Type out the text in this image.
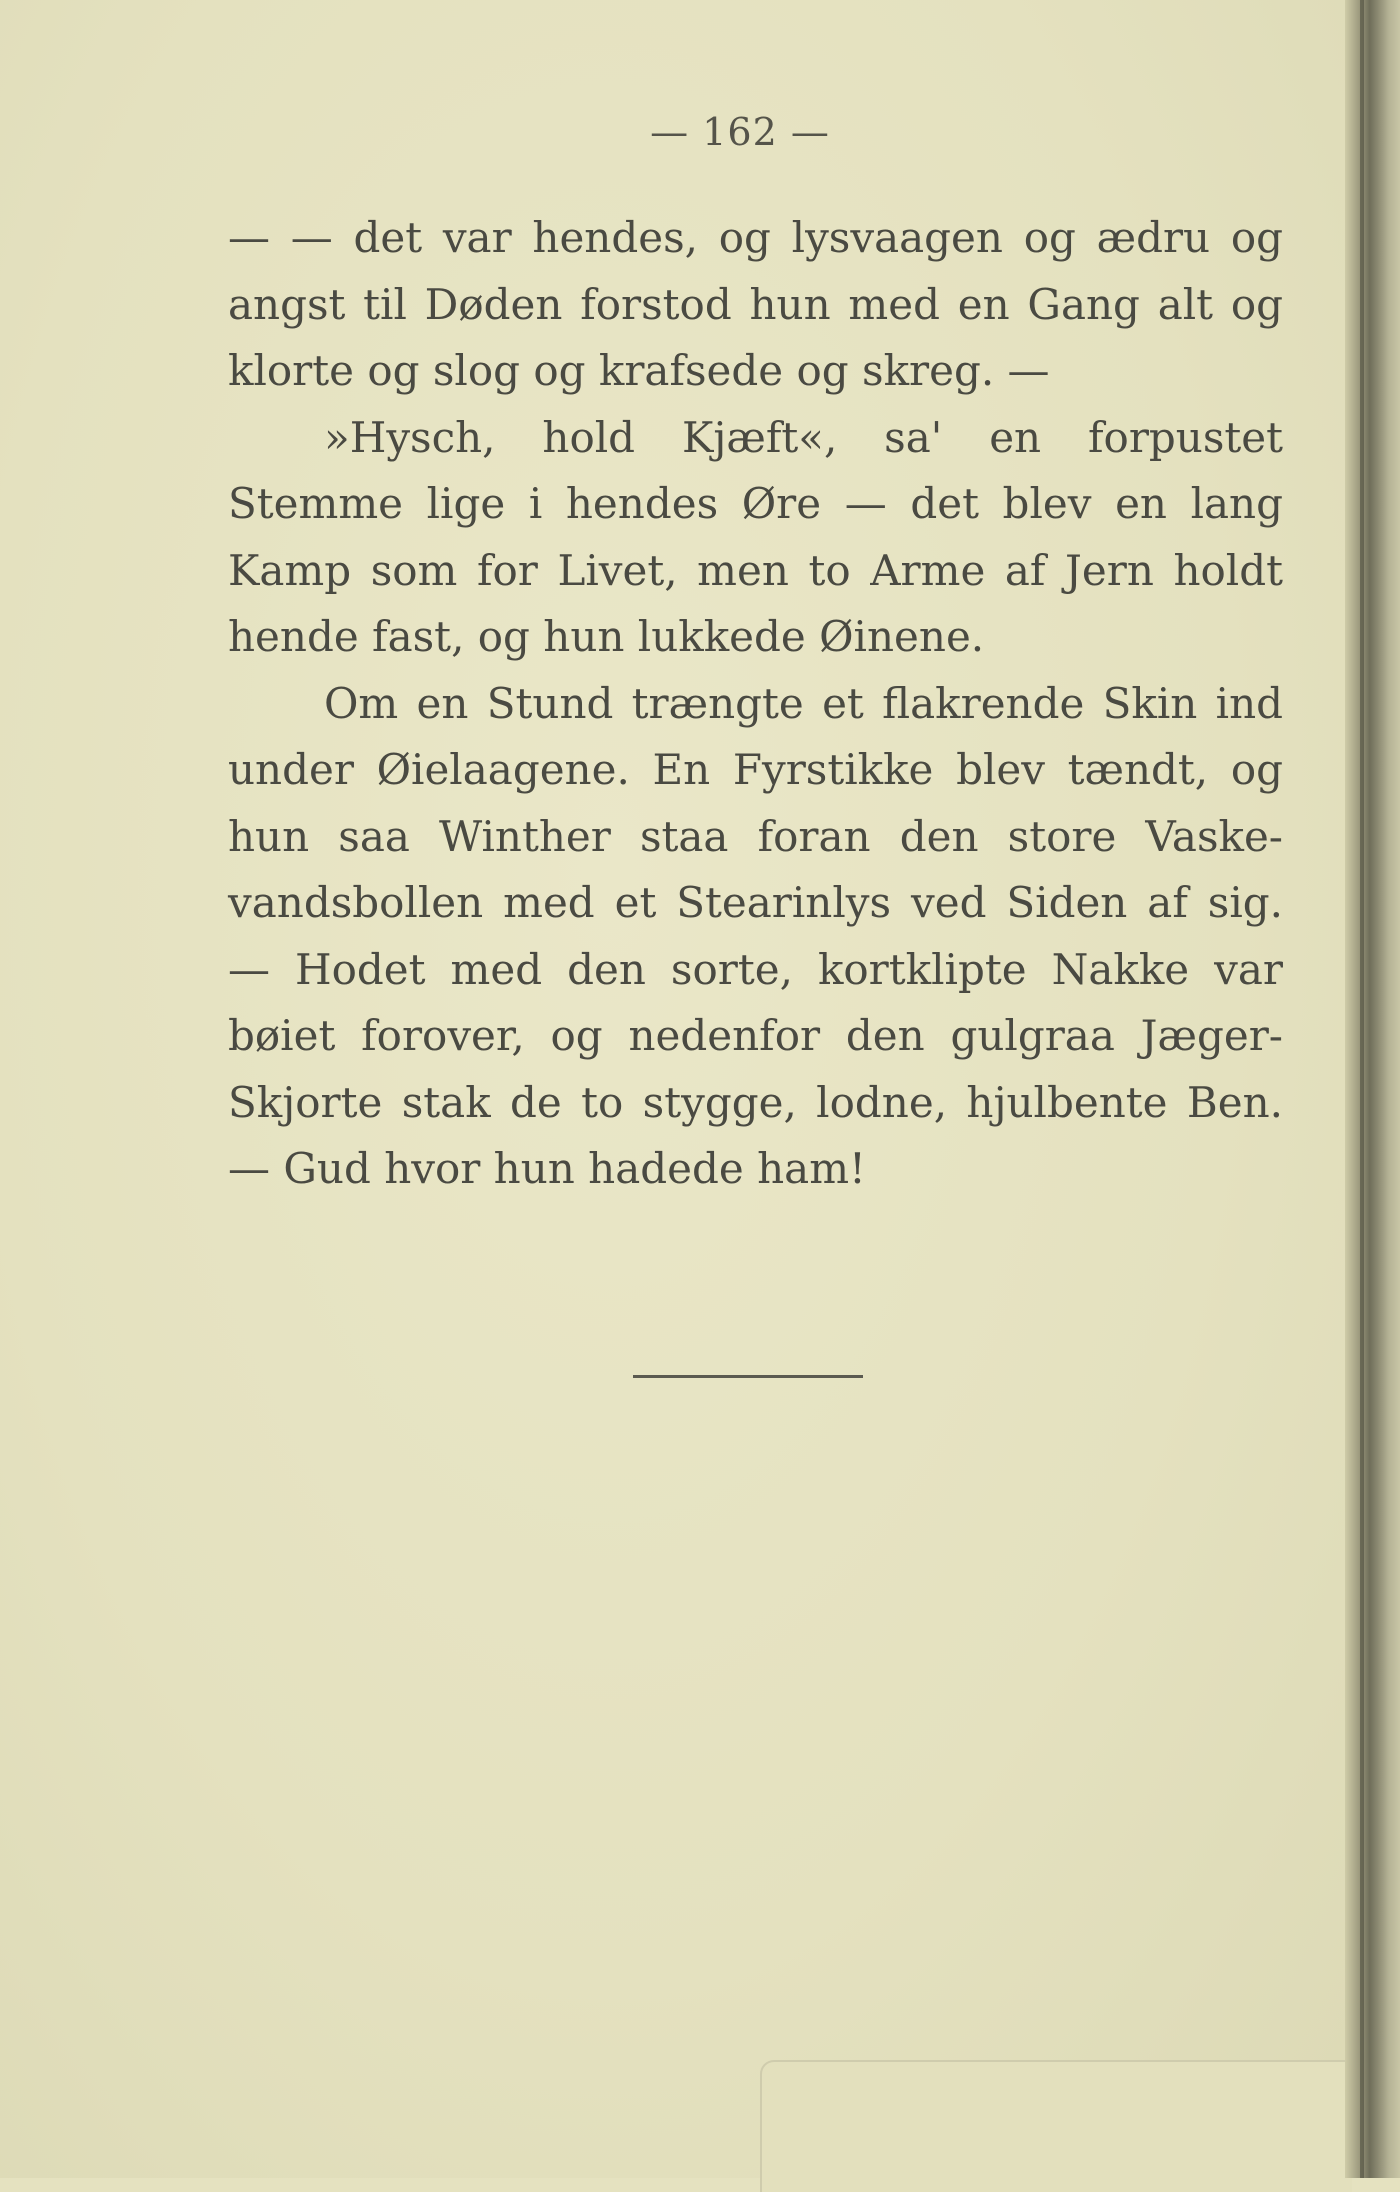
— 162 —

— — det var hendes, og lysvaagen og ædru og angst til Døden forstod hun med en Gang alt og klorte og slog og krafsede og skreg. —

»Hysch, hold Kjæft«, sa' en forpustet Stemme lige i hendes Øre — det blev en lang Kamp som for Livet, men to Arme af Jern holdt hende fast, og hun lukkede Øinene.

Om en Stund trængte et flakrende Skin ind under Øielaagene. En Fyrstikke blev tændt, og hun saa Winther staa foran den store Vaske-vandsbollen med et Stearinlys ved Siden af sig. — Hodet med den sorte, kortklipte Nakke var bøiet forover, og nedenfor den gulgraa Jæger-Skjorte stak de to stygge, lodne, hjulbente Ben. — Gud hvor hun hadede ham!
